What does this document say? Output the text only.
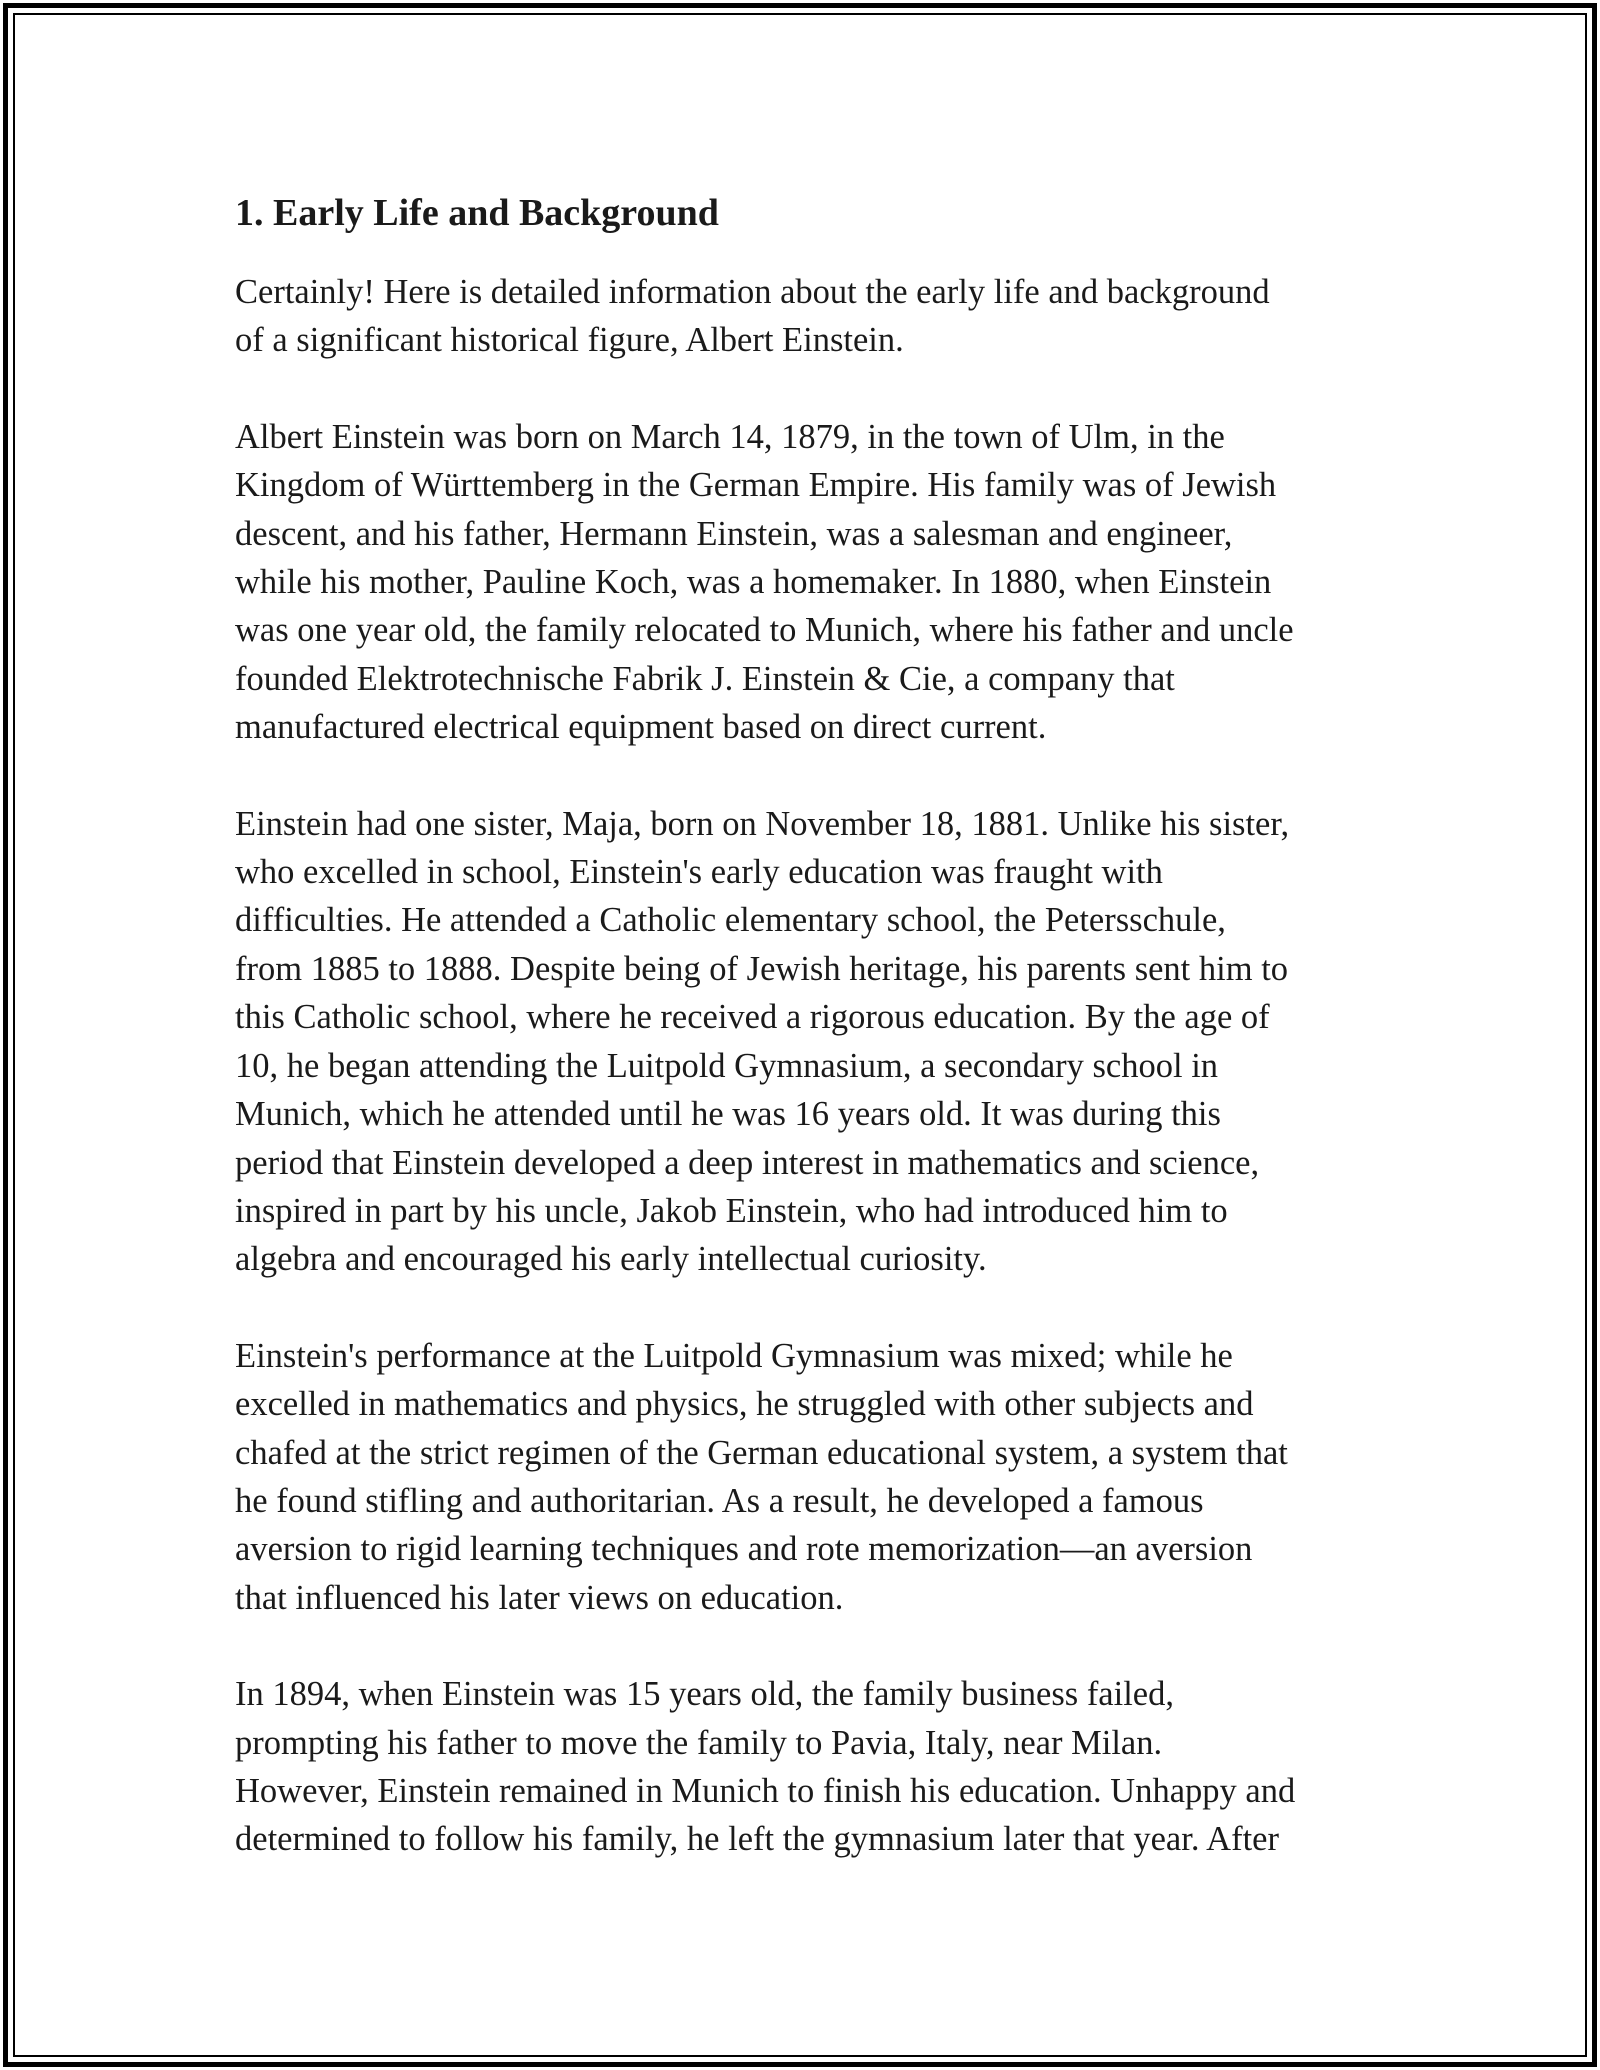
1. Early Life and Background

Certainly! Here is detailed information about the early life and background
of a significant historical figure, Albert Einstein.

Albert Einstein was born on March 14, 1879, in the town of Ulm, in the
Kingdom of Württemberg in the German Empire. His family was of Jewish
descent, and his father, Hermann Einstein, was a salesman and engineer,
while his mother, Pauline Koch, was a homemaker. In 1880, when Einstein
was one year old, the family relocated to Munich, where his father and uncle
founded Elektrotechnische Fabrik J. Einstein & Cie, a company that
manufactured electrical equipment based on direct current.

Einstein had one sister, Maja, born on November 18, 1881. Unlike his sister,
who excelled in school, Einstein's early education was fraught with
difficulties. He attended a Catholic elementary school, the Petersschule,
from 1885 to 1888. Despite being of Jewish heritage, his parents sent him to
this Catholic school, where he received a rigorous education. By the age of
10, he began attending the Luitpold Gymnasium, a secondary school in
Munich, which he attended until he was 16 years old. It was during this
period that Einstein developed a deep interest in mathematics and science,
inspired in part by his uncle, Jakob Einstein, who had introduced him to
algebra and encouraged his early intellectual curiosity.

Einstein's performance at the Luitpold Gymnasium was mixed; while he
excelled in mathematics and physics, he struggled with other subjects and
chafed at the strict regimen of the German educational system, a system that
he found stifling and authoritarian. As a result, he developed a famous
aversion to rigid learning techniques and rote memorization—an aversion
that influenced his later views on education.

In 1894, when Einstein was 15 years old, the family business failed,
prompting his father to move the family to Pavia, Italy, near Milan.
However, Einstein remained in Munich to finish his education. Unhappy and
determined to follow his family, he left the gymnasium later that year. After
